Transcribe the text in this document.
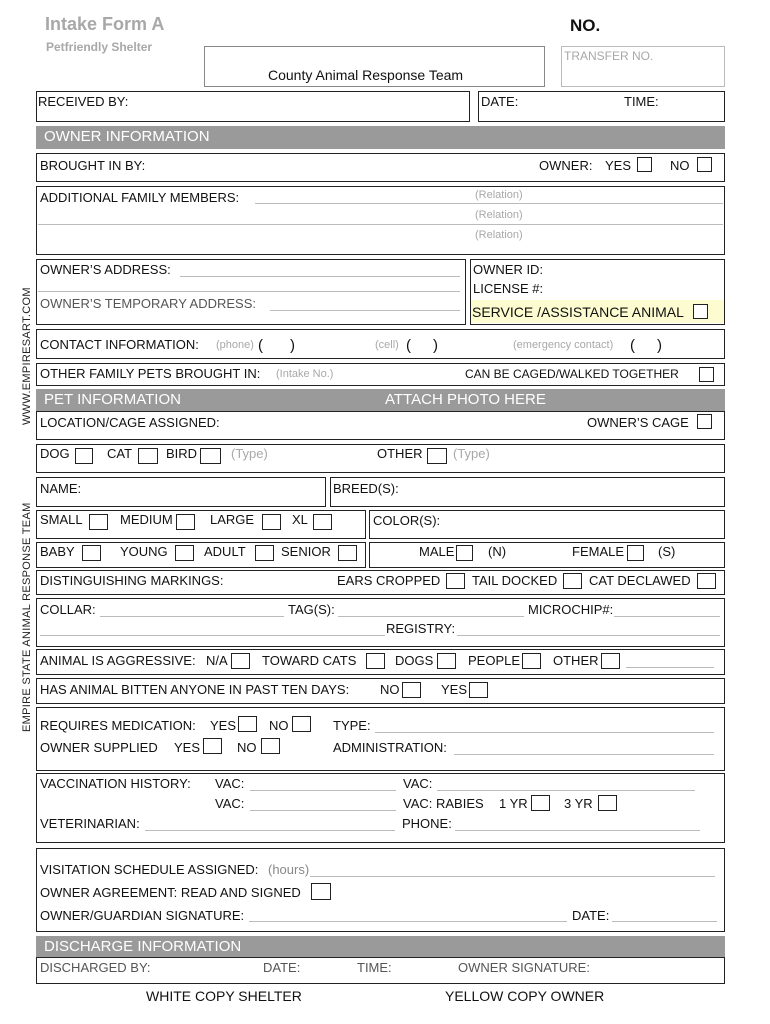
Intake Form A
Petfriendly Shelter
NO.
County Animal Response Team
TRANSFER NO.
RECEIVED BY:	DATE:	TIME:
OWNER INFORMATION
BROUGHT IN BY:	OWNER: YES	NO
ADDITIONAL FAMILY MEMBERS:	(Relation)
(Relation)
(Relation)
OWNER’S ADDRESS:
OWNER’S TEMPORARY ADDRESS:
OWNER ID:
LICENSE #:
SERVICE /ASSISTANCE ANIMAL
CONTACT INFORMATION: (phone) ( )	(cell) ( )	(emergency contact) ( )
OTHER FAMILY PETS BROUGHT IN: (Intake No.)	CAN BE CAGED/WALKED TOGETHER
PET INFORMATION	ATTACH PHOTO HERE
LOCATION/CAGE ASSIGNED:	OWNER’S CAGE
DOG	CAT	BIRD	(Type)	OTHER (Type)
NAME:	BREED(S):
SMALL	MEDIUM	LARGE	XL	COLOR(S):
BABY	YOUNG	ADULT	SENIOR	MALE	(N)	FEMALE	(S)
DISTINGUISHING MARKINGS:	EARS CROPPED TAIL DOCKED CAT DECLAWED
COLLAR:	TAG(S):	MICROCHIP#:
REGISTRY:
ANIMAL IS AGGRESSIVE: N/A	TOWARD CATS	DOGS	PEOPLE	OTHER
HAS ANIMAL BITTEN ANYONE IN PAST TEN DAYS: NO	YES
REQUIRES MEDICATION: YES	NO	TYPE:
OWNER SUPPLIED YES	NO	ADMINISTRATION:
VACCINATION HISTORY: VAC:	VAC:
VAC:	VAC: RABIES 1 YR	3 YR
VETERINARIAN:	PHONE:
VISITATION SCHEDULE ASSIGNED: (hours)
OWNER AGREEMENT: READ AND SIGNED
OWNER/GUARDIAN SIGNATURE:	DATE:
DISCHARGE INFORMATION
DISCHARGED BY:	DATE:	TIME:	OWNER SIGNATURE:
WHITE COPY SHELTER	YELLOW COPY OWNER
WWW.EMPIRESART.COM
EMPIRE STATE ANIMAL RESPONSE TEAM
